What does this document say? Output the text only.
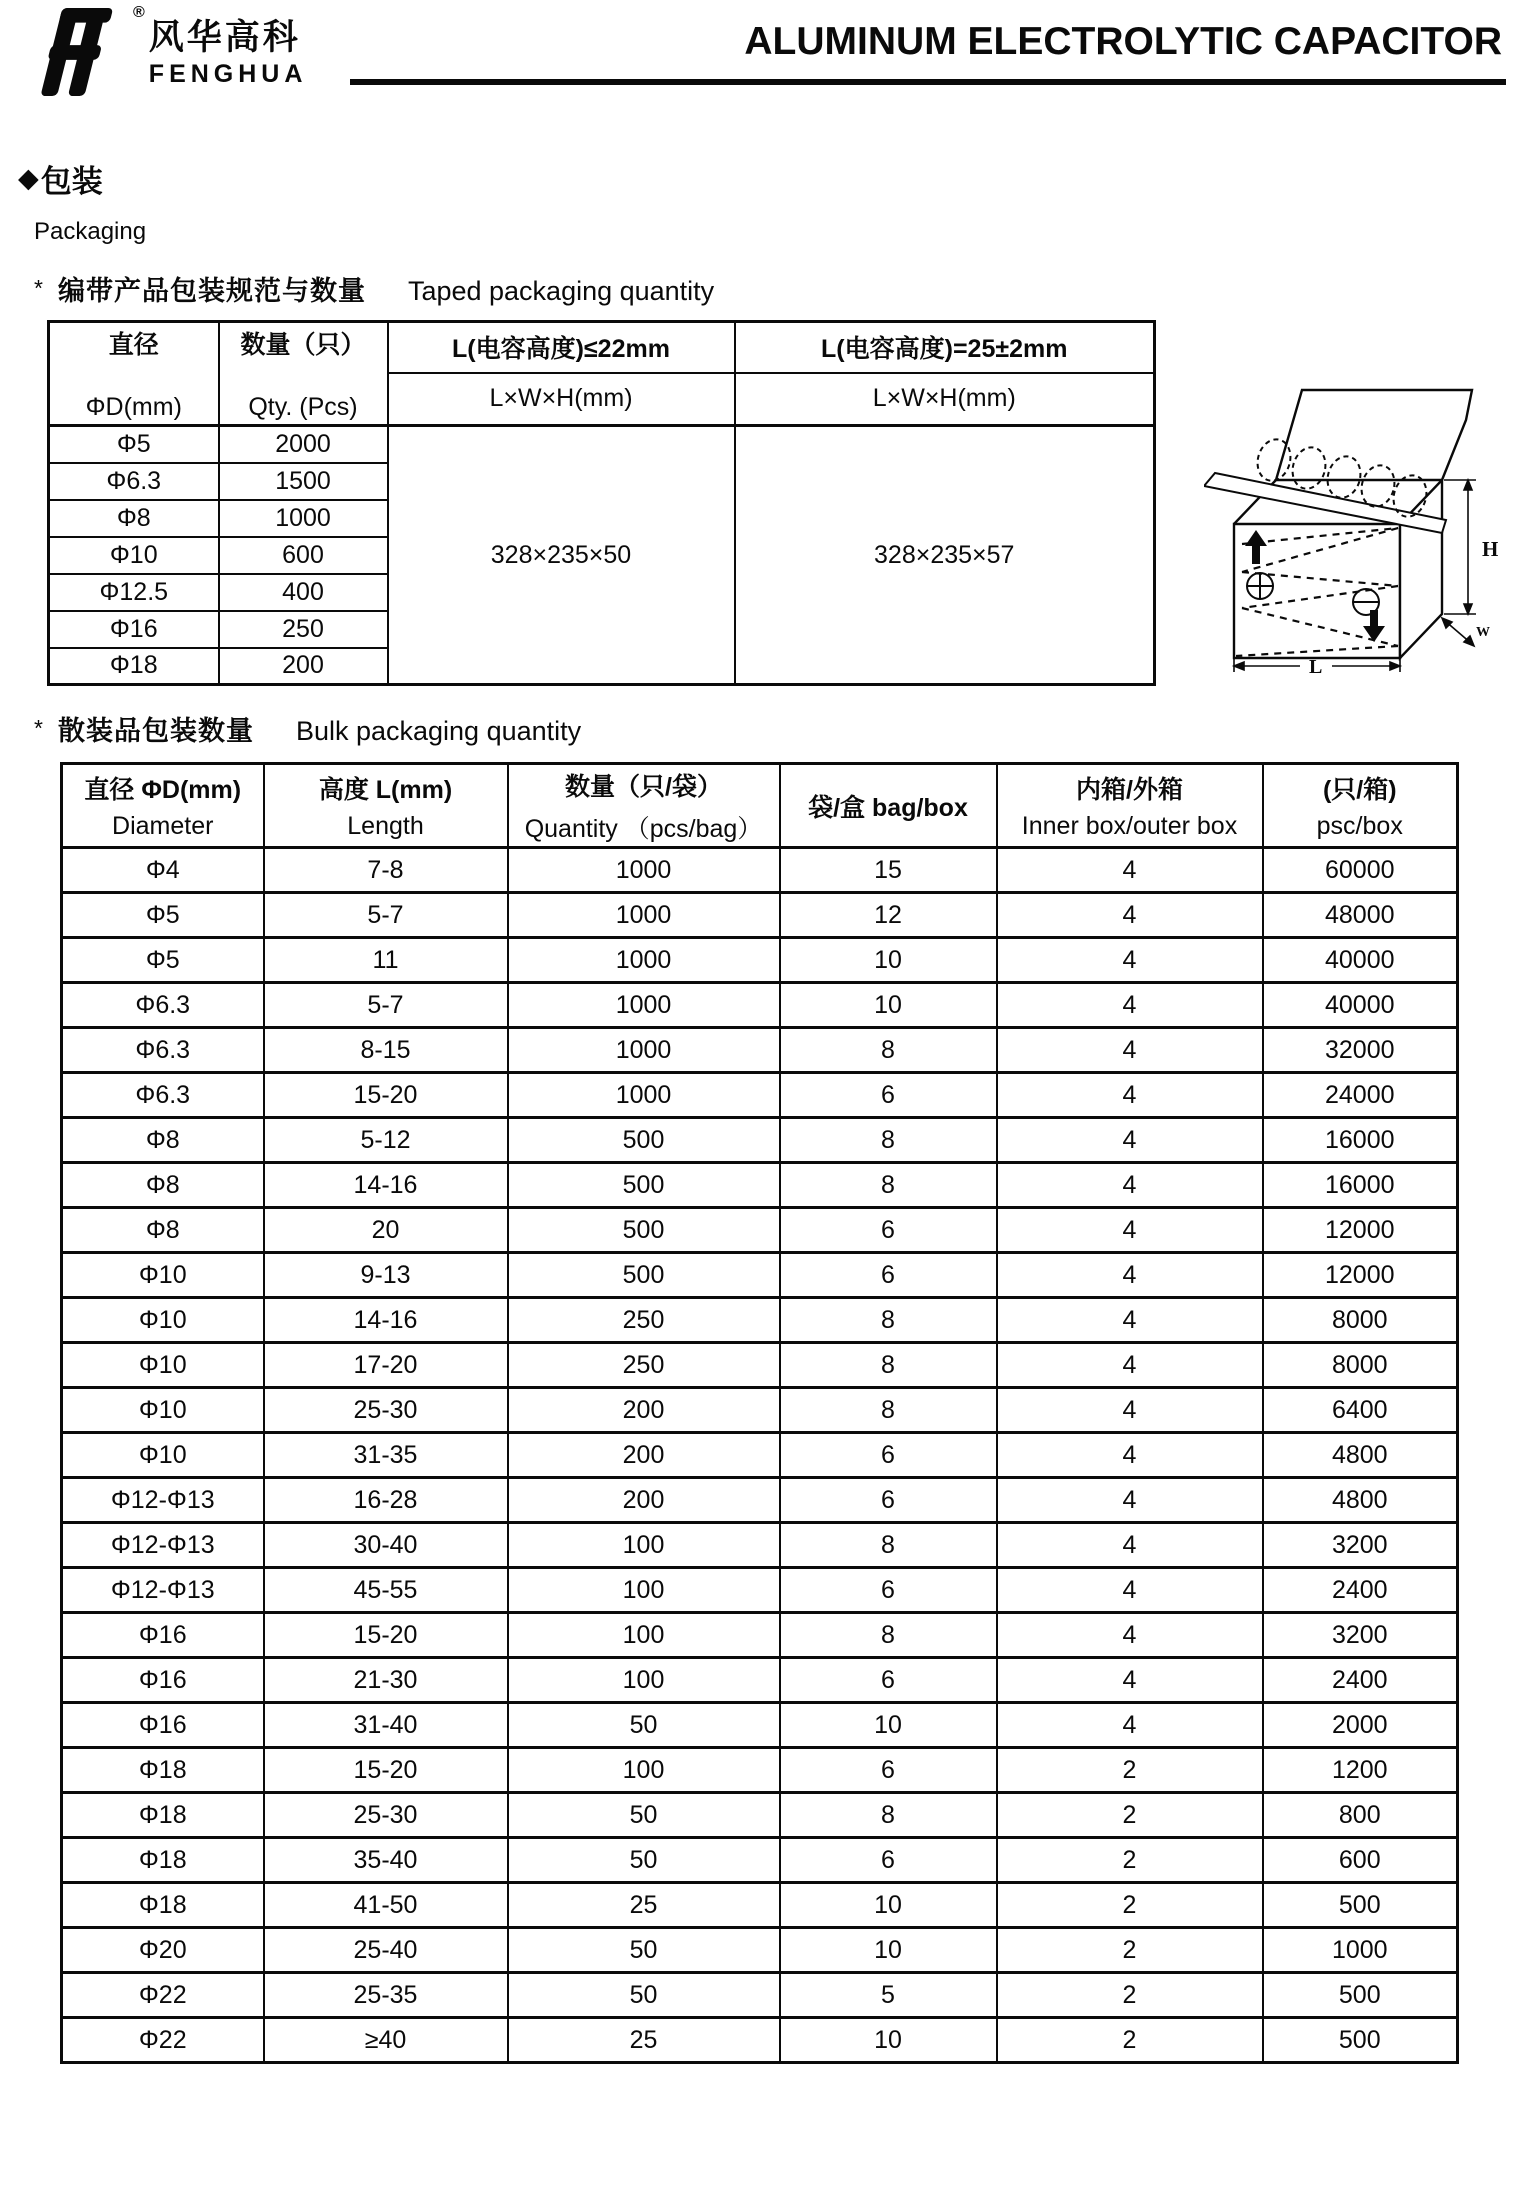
®
风华高科
FENGHUA
ALUMINUM ELECTROLYTIC CAPACITOR
◆ 包装
Packaging
* 编带产品包装规范与数量 Taped packaging quantity
直径
ΦD(mm)

数量（只）
Qty. (Pcs)
	L(电容高度)≤22mm	L(电容高度)=25±2mm
		L×W×H(mm)	L×W×H(mm)
Φ5	2000	328×235×50	328×235×57
Φ6.3	1500		
Φ8	1000		
Φ10	600		
Φ12.5	400		
Φ16	250		
Φ18	200		
H
W
L
* 散装品包装数量 Bulk packaging quantity
直径 ΦD(mm)
Diameter

高度 L(mm)
Length

数量（只/袋）
Quantity （pcs/bag）

袋/盒 bag/box

内箱/外箱
Inner box/outer box

(只/箱)
psc/box

Φ4	7-8	1000	15	4	60000
Φ5	5-7	1000	12	4	48000
Φ5	11	1000	10	4	40000
Φ6.3	5-7	1000	10	4	40000
Φ6.3	8-15	1000	8	4	32000
Φ6.3	15-20	1000	6	4	24000
Φ8	5-12	500	8	4	16000
Φ8	14-16	500	8	4	16000
Φ8	20	500	6	4	12000
Φ10	9-13	500	6	4	12000
Φ10	14-16	250	8	4	8000
Φ10	17-20	250	8	4	8000
Φ10	25-30	200	8	4	6400
Φ10	31-35	200	6	4	4800
Φ12-Φ13	16-28	200	6	4	4800
Φ12-Φ13	30-40	100	8	4	3200
Φ12-Φ13	45-55	100	6	4	2400
Φ16	15-20	100	8	4	3200
Φ16	21-30	100	6	4	2400
Φ16	31-40	50	10	4	2000
Φ18	15-20	100	6	2	1200
Φ18	25-30	50	8	2	800
Φ18	35-40	50	6	2	600
Φ18	41-50	25	10	2	500
Φ20	25-40	50	10	2	1000
Φ22	25-35	50	5	2	500
Φ22	≥40	25	10	2	500
